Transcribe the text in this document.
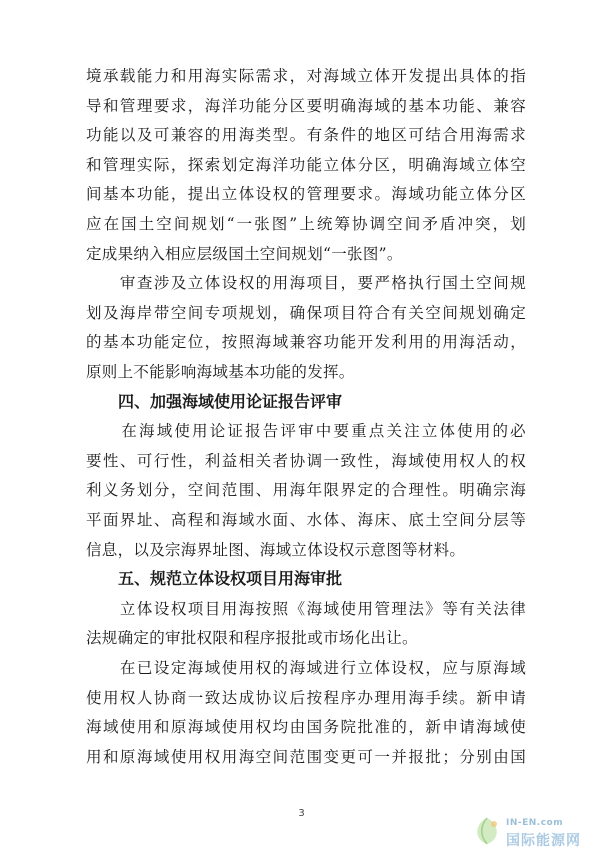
境承载能力和用海实际需求，对海域立体开发提出具体的指
导和管理要求，海洋功能分区要明确海域的基本功能、兼容
功能以及可兼容的用海类型。有条件的地区可结合用海需求
和管理实际，探索划定海洋功能立体分区，明确海域立体空
间基本功能，提出立体设权的管理要求。海域功能立体分区
应在国土空间规划“一张图”上统筹协调空间矛盾冲突，划
定成果纳入相应层级国土空间规划“一张图”。
　　审查涉及立体设权的用海项目，要严格执行国土空间规
划及海岸带空间专项规划，确保项目符合有关空间规划确定
的基本功能定位，按照海域兼容功能开发利用的用海活动，
原则上不能影响海域基本功能的发挥。
四、加强海域使用论证报告评审
　　在海域使用论证报告评审中要重点关注立体使用的必
要性、可行性，利益相关者协调一致性，海域使用权人的权
利义务划分，空间范围、用海年限界定的合理性。明确宗海
平面界址、高程和海域水面、水体、海床、底土空间分层等
信息，以及宗海界址图、海域立体设权示意图等材料。
五、规范立体设权项目用海审批
　　立体设权项目用海按照《海域使用管理法》等有关法律
法规确定的审批权限和程序报批或市场化出让。
　　在已设定海域使用权的海域进行立体设权，应与原海域
使用权人协商一致达成协议后按程序办理用海手续。新申请
海域使用和原海域使用权均由国务院批准的，新申请海域使
用和原海域使用权用海空间范围变更可一并报批；分别由国
3
IN-EN.com
国际能源网
